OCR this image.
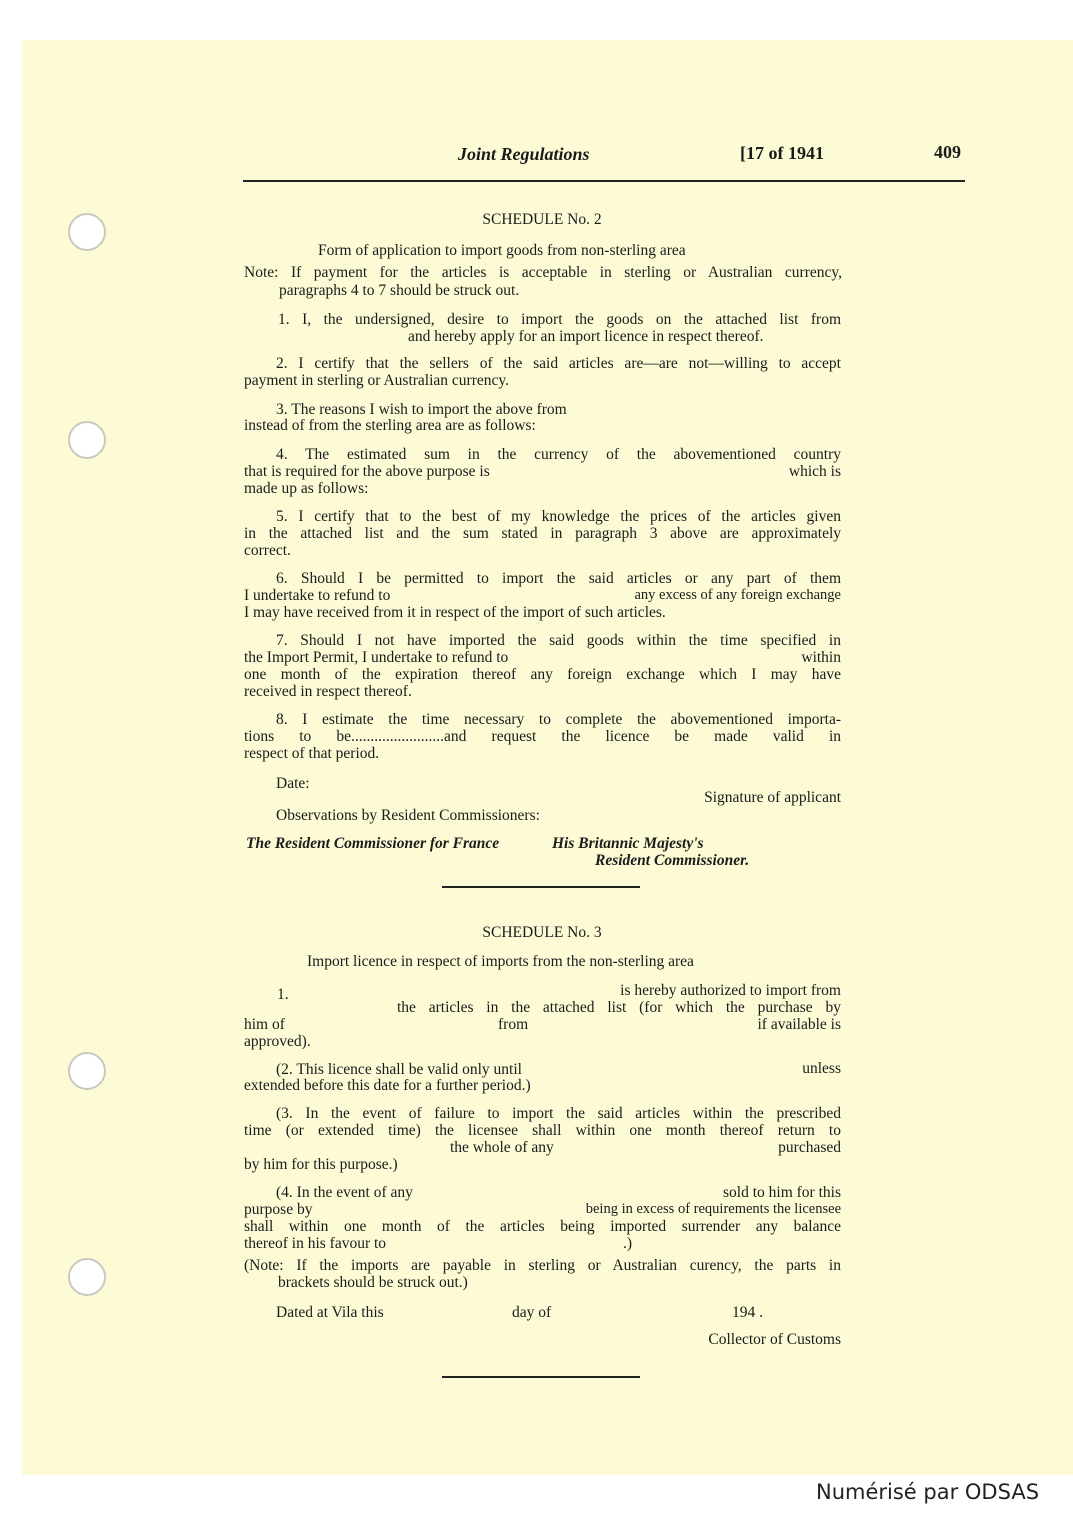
Joint Regulations	[17 of 1941	409
SCHEDULE No. 2
Form of application to import goods from non-sterling area
Note: If payment for the articles is acceptable in sterling or Australian currency,
paragraphs 4 to 7 should be struck out.
1. I, the undersigned, desire to import the goods on the attached list from
and hereby apply for an import licence in respect thereof.
2. I certify that the sellers of the said articles are—are not—willing to accept
payment in sterling or Australian currency.
3. The reasons I wish to import the above from
instead of from the sterling area are as follows:
4. The estimated sum in the currency of the abovementioned country
that is required for the above purpose is	which is
made up as follows:
5. I certify that to the best of my knowledge the prices of the articles given
in the attached list and the sum stated in paragraph 3 above are approximately
correct.
6. Should I be permitted to import the said articles or any part of them
I undertake to refund to	any excess of any foreign exchange
I may have received from it in respect of the import of such articles.
7. Should I not have imported the said goods within the time specified in
the Import Permit, I undertake to refund to	within
one month of the expiration thereof any foreign exchange which I may have
received in respect thereof.
8. I estimate the time necessary to complete the abovementioned importa-
tions to be........................and request the licence be made valid in
respect of that period.
Date:
Signature of applicant
Observations by Resident Commissioners:
The Resident Commissioner for France	His Britannic Majesty's
Resident Commissioner.
SCHEDULE No. 3
Import licence in respect of imports from the non-sterling area
1.	is hereby authorized to import from
the articles in the attached list (for which the purchase by
him of	from	if available is
approved).
(2. This licence shall be valid only until	unless
extended before this date for a further period.)
(3. In the event of failure to import the said articles within the prescribed
time (or extended time) the licensee shall within one month thereof return to
the whole of any	purchased
by him for this purpose.)
(4. In the event of any	sold to him for this
purpose by	being in excess of requirements the licensee
shall within one month of the articles being imported surrender any balance
thereof in his favour to	.)
(Note: If the imports are payable in sterling or Australian curency, the parts in
brackets should be struck out.)
Dated at Vila this	day of	194 .
Collector of Customs
Numérisé par ODSAS
